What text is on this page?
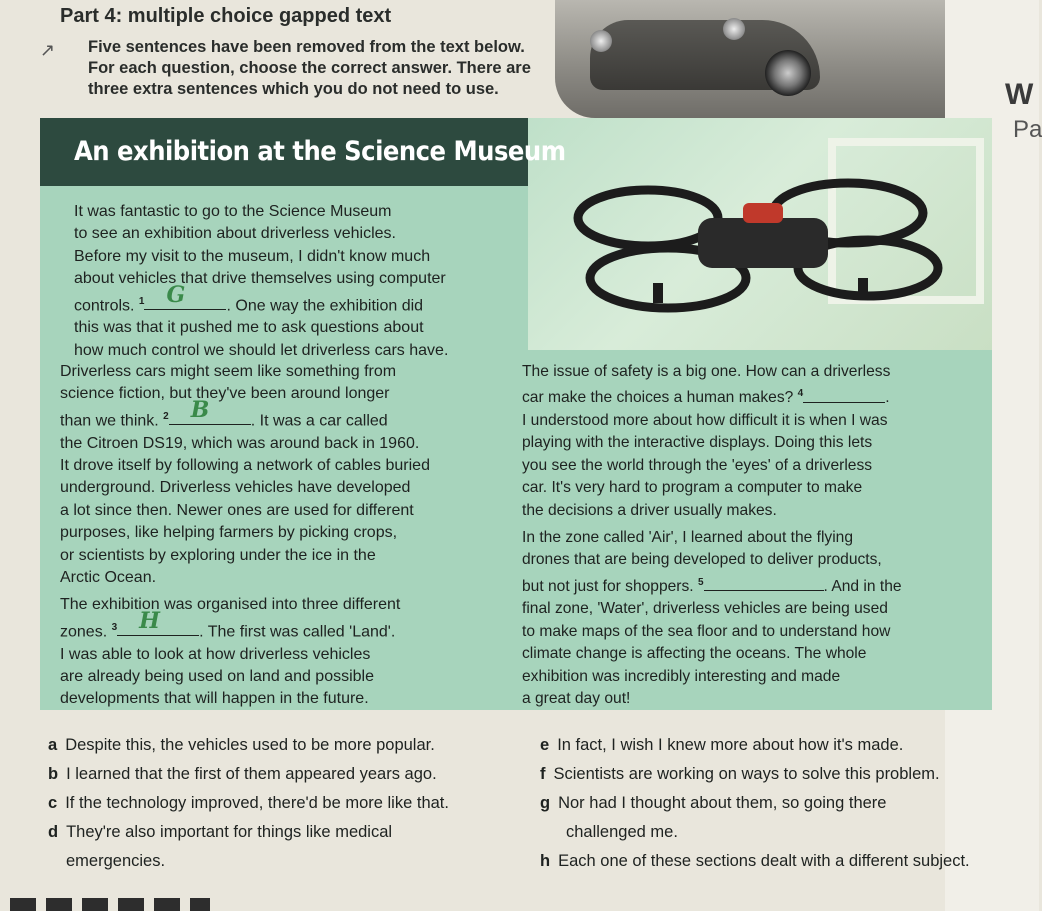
W
Pa
↗
Part 4: multiple choice gapped text
Five sentences have been removed from the text below.
For each question, choose the correct answer. There are
three extra sentences which you do not need to use.
An exhibition at the Science Museum

It was fantastic to go to the Science Museum

to see an exhibition about driverless vehicles.

Before my visit to the museum, I didn't know much

about vehicles that drive themselves using computer

controls. $^1$ G	. One way the exhibition did

this was that it pushed me to ask questions about

how much control we should let driverless cars have.

Driverless cars might seem like something from

science fiction, but they've been around longer

than we think. $^2$ B	. It was a car called

the Citroen DS19, which was around back in 1960.

It drove itself by following a network of cables buried

underground. Driverless vehicles have developed

a lot since then. Newer ones are used for different

purposes, like helping farmers by picking crops,

or scientists by exploring under the ice in the

Arctic Ocean.

The exhibition was organised into three different

zones. $^3$ H . The first was called 'Land'.

I was able to look at how driverless vehicles

are already being used on land and possible

developments that will happen in the future.

The issue of safety is a big one. How can a driverless

car make the choices a human makes? $^4$	.

I understood more about how difficult it is when I was

playing with the interactive displays. Doing this lets

you see the world through the 'eyes' of a driverless

car. It's very hard to program a computer to make

the decisions a driver usually makes.

In the zone called 'Air', I learned about the flying

drones that are being developed to deliver products,

but not just for shoppers. $^5$	. And in the

final zone, 'Water', driverless vehicles are being used

to make maps of the sea floor and to understand how

climate change is affecting the oceans. The whole

exhibition was incredibly interesting and made

a great day out!

a Despite this, the vehicles used to be more popular.
b I learned that the first of them appeared years ago.
c If the technology improved, there'd be more like that.
d They're also important for things like medical
emergencies.
e In fact, I wish I knew more about how it's made.
f Scientists are working on ways to solve this problem.
g Nor had I thought about them, so going there
challenged me.
h Each one of these sections dealt with a different subject.
